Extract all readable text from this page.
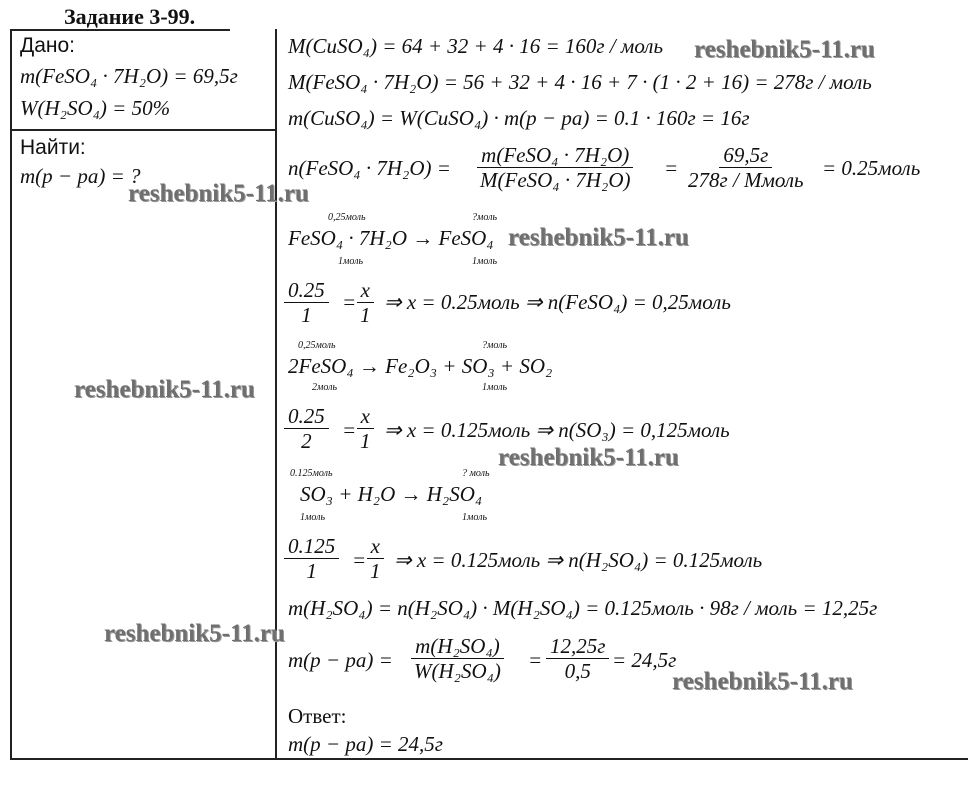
Задание 3-99.
Дано:
m(FeSO₄ · 7H₂O) = 69,5г
W(H₂SO₄) = 50%
Найти:
m(p − pa) = ?
M(CuSO₄) = 64 + 32 + 4 · 16 = 160г / моль
M(FeSO₄ · 7H₂O) = 56 + 32 + 4 · 16 + 7 · (1 · 2 + 16) = 278г / моль
m(CuSO₄) = W(CuSO₄) · m(p − pa) = 0.1 · 160г = 16г
n(FeSO₄ · 7H₂O) =
m(FeSO₄ · 7H₂O)
M(FeSO₄ · 7H₂O)
=
69,5г
278г / Mмоль
= 0.25моль
0,25моль	?моль
FeSO₄ · 7H₂O → FeSO₄
1моль	1моль
$\frac{0.25}{1} = \frac{x}{1}$ ⇒ x = 0.25моль ⇒ n(FeSO₄) = 0,25моль
0,25моль	?моль
2FeSO₄ → Fe₂O₃ + SO₃ + SO₂
2моль	1моль
$\frac{0.25}{2} = \frac{x}{1}$ ⇒ x = 0.125моль ⇒ n(SO₃) = 0,125моль
0.125моль	? моль
SO₃ + H₂O → H₂SO₄
1моль	1моль
$\frac{0.125}{1} = \frac{x}{1}$ ⇒ x = 0.125моль ⇒ n(H₂SO₄) = 0.125моль
m(H₂SO₄) = n(H₂SO₄) · M(H₂SO₄) = 0.125моль · 98г / моль = 12,25г
$m(p - pa) = \frac{\text{m(H₂SO₄)}}{\text{W(H₂SO₄)}}$ =
12,25г
0,5 = 24,5г
Ответ:
m(p − pa) = 24,5г
reshebnik5-11.ru
reshebnik5-11.ru
reshebnik5-11.ru
reshebnik5-11.ru
reshebnik5-11.ru
reshebnik5-11.ru
reshebnik5-11.ru
